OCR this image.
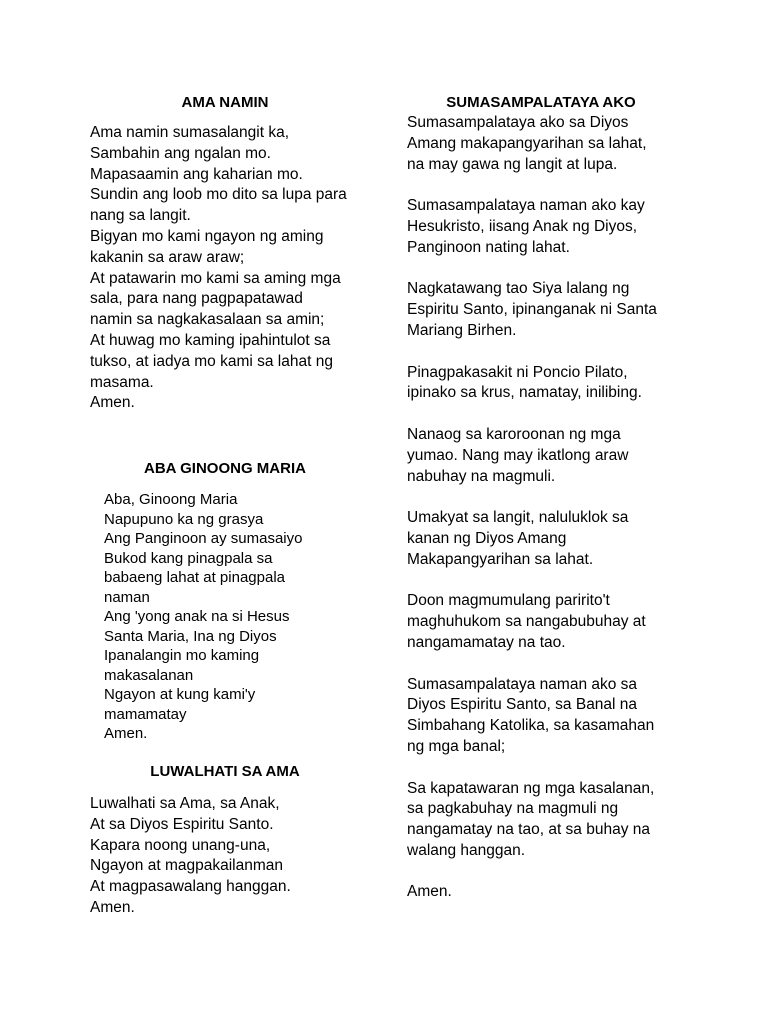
AMA NAMIN
Ama namin sumasalangit ka,
Sambahin ang ngalan mo.
Mapasaamin ang kaharian mo.
Sundin ang loob mo dito sa lupa para
nang sa langit.
Bigyan mo kami ngayon ng aming
kakanin sa araw araw;
At patawarin mo kami sa aming mga
sala, para nang pagpapatawad
namin sa nagkakasalaan sa amin;
At huwag mo kaming ipahintulot sa
tukso, at iadya mo kami sa lahat ng
masama.
Amen.
ABA GINOONG MARIA
Aba, Ginoong Maria
Napupuno ka ng grasya
Ang Panginoon ay sumasaiyo
Bukod kang pinagpala sa
babaeng lahat at pinagpala
naman
Ang 'yong anak na si Hesus
Santa Maria, Ina ng Diyos
Ipanalangin mo kaming
makasalanan
Ngayon at kung kami'y
mamamatay
Amen.
LUWALHATI SA AMA
Luwalhati sa Ama, sa Anak,
At sa Diyos Espiritu Santo.
Kapara noong unang-una,
Ngayon at magpakailanman
At magpasawalang hanggan.
Amen.
SUMASAMPALATAYA AKO
Sumasampalataya ako sa Diyos
Amang makapangyarihan sa lahat,
na may gawa ng langit at lupa.
Sumasampalataya naman ako kay
Hesukristo, iisang Anak ng Diyos,
Panginoon nating lahat.
Nagkatawang tao Siya lalang ng
Espiritu Santo, ipinanganak ni Santa
Mariang Birhen.
Pinagpakasakit ni Poncio Pilato,
ipinako sa krus, namatay, inilibing.
Nanaog sa karoroonan ng mga
yumao. Nang may ikatlong araw
nabuhay na magmuli.
Umakyat sa langit, naluluklok sa
kanan ng Diyos Amang
Makapangyarihan sa lahat.
Doon magmumulang paririto't
maghuhukom sa nangabubuhay at
nangamamatay na tao.
Sumasampalataya naman ako sa
Diyos Espiritu Santo, sa Banal na
Simbahang Katolika, sa kasamahan
ng mga banal;
Sa kapatawaran ng mga kasalanan,
sa pagkabuhay na magmuli ng
nangamatay na tao, at sa buhay na
walang hanggan.
Amen.
